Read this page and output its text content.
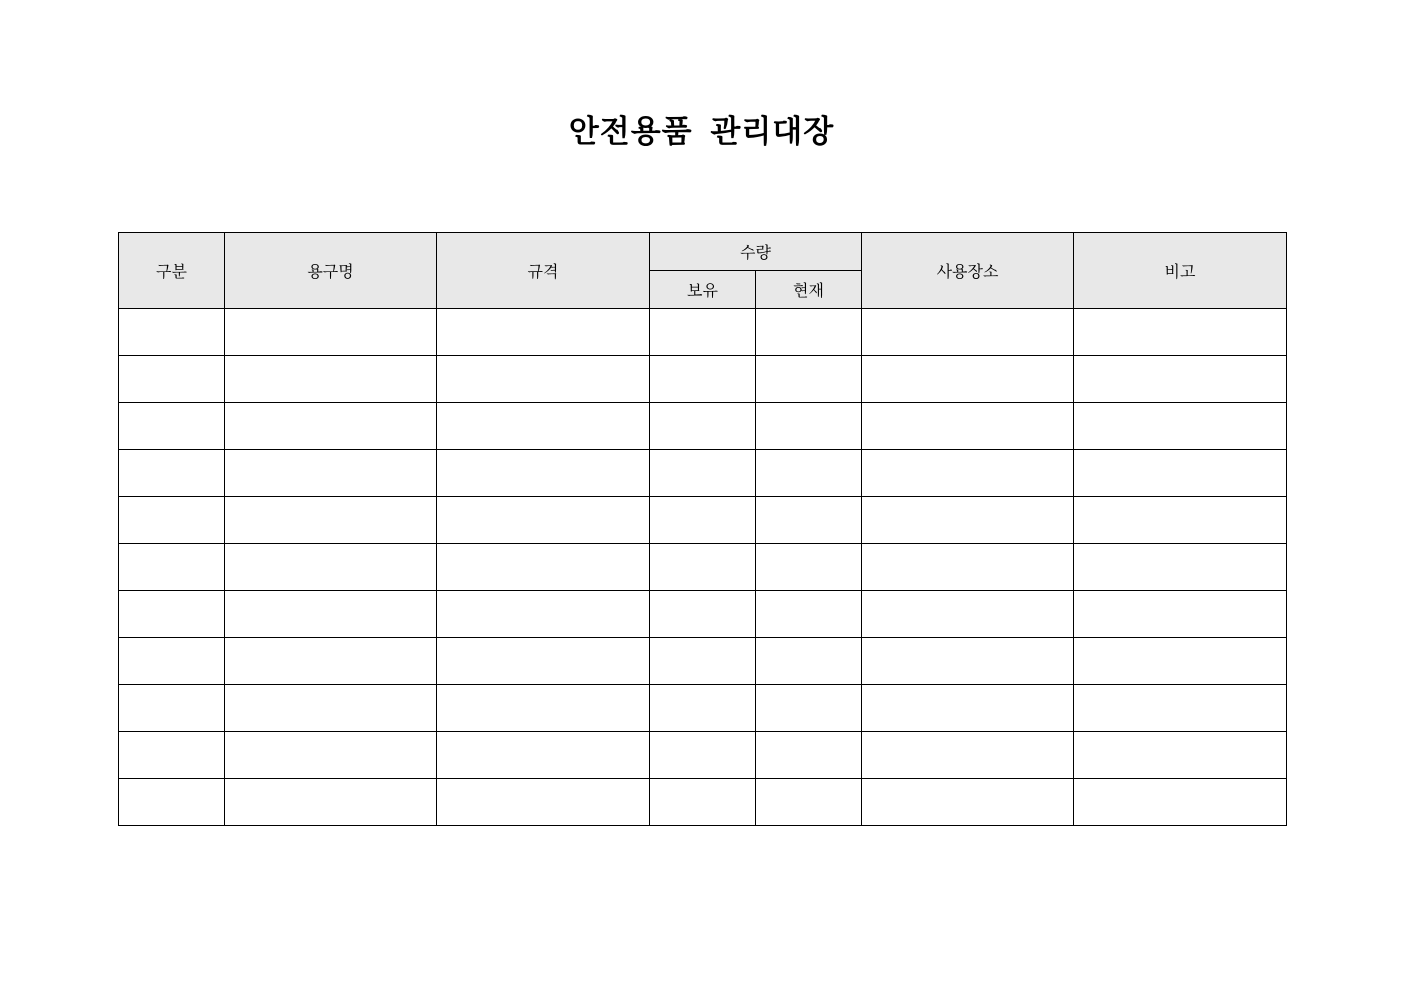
안전용품 관리대장
구분	용구명	규격	수량		사용장소	비고
			보유	현재		
